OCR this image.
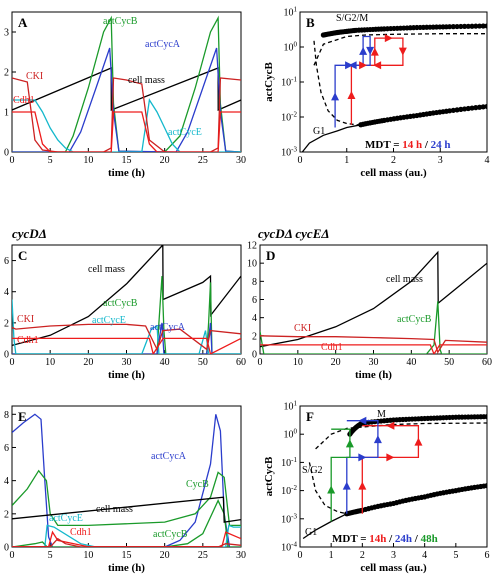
0	5	10	15	20	25	30
0
1
2
3
time (h)
A
cell mass
actCycB
actCycA
actCycE
CKI
Cdh1
0	1	2	3	4
$10^{-3}$
$10^{-2}$
$10^{-1}$
$10^0$
$10^1$
cell mass (au.)
actCycB
B S/G2/M
G1
MDT = 14 h / 24 h
0	10	20	30	40	50	60
0
2
4
6
time (h)
C
cycDΔ
cell mass
actCycB
actCycA
actCycE
CKI
Cdh1
0	10	20	30	40	50	60
0
2
4
6
8
10
12
time (h)
D
cycDΔ cycEΔ
cell mass
actCycB
CKI
Cdh1
0	5	10	15	20	25	30
0
2
4
6
8
time (h)
E
actCycA
CycB
actCycB
cell mass
actCycE
Cdh1
0	1	2	3	4	5	6
$10^{-4}$
$10^{-3}$
$10^{-2}$
$10^{-1}$
$10^0$
$10^1$
cell mass (au.)
actCycB
F	M
S/G2
G1
MDT = 14h / 24h / 48h
